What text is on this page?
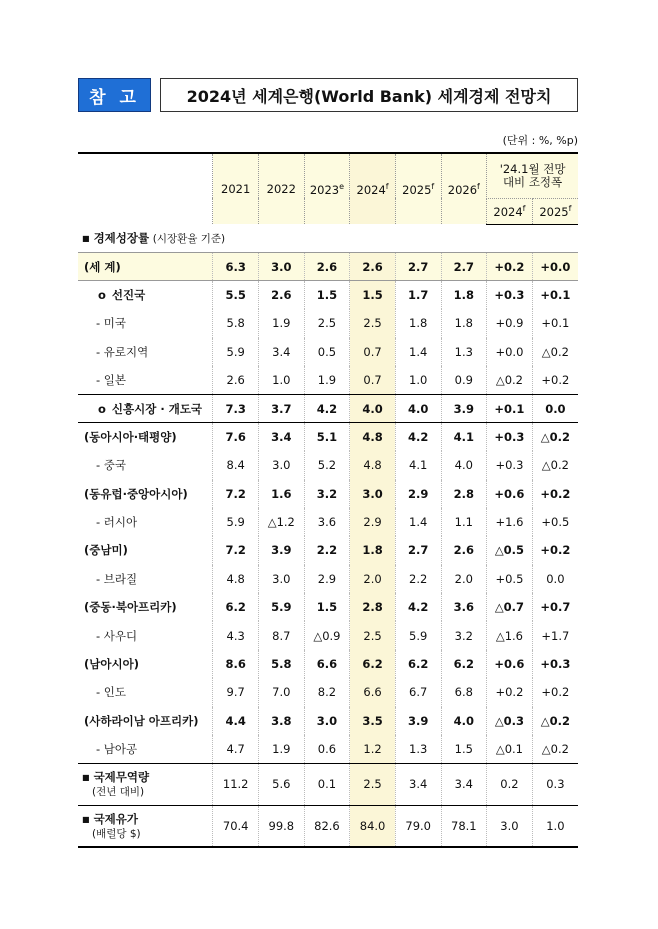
참 고	2024년 세계은행(World Bank) 세계경제 전망치
(단위 : %, %p)
	2021	2022	2023e	2024$^f$	2025$^f$	2026$^f$	'24.1월 전망
대비 조정폭	

							2024$^f$	2025$^f$
■ 경제성장률 (시장환율 기준)								
(세 계)	6.3	3.0	2.6	2.6	2.7	2.7	+0.2	+0.0
o 선진국	5.5	2.6	1.5	1.5	1.7	1.8	+0.3	+0.1
- 미국	5.8	1.9	2.5	2.5	1.8	1.8	+0.9	+0.1
- 유로지역	5.9	3.4	0.5	0.7	1.4	1.3	+0.0	△0.2
- 일본	2.6	1.0	1.9	0.7	1.0	0.9	△0.2	+0.2
o 신흥시장 · 개도국	7.3	3.7	4.2	4.0	4.0	3.9	+0.1	0.0
(동아시아·태평양)	7.6	3.4	5.1	4.8	4.2	4.1	+0.3	△0.2
- 중국	8.4	3.0	5.2	4.8	4.1	4.0	+0.3	△0.2
(동유럽·중앙아시아)	7.2	1.6	3.2	3.0	2.9	2.8	+0.6	+0.2
- 러시아	5.9	△1.2	3.6	2.9	1.4	1.1	+1.6	+0.5
(중남미)	7.2	3.9	2.2	1.8	2.7	2.6	△0.5	+0.2
- 브라질	4.8	3.0	2.9	2.0	2.2	2.0	+0.5	0.0
(중동·북아프리카)	6.2	5.9	1.5	2.8	4.2	3.6	△0.7	+0.7
- 사우디	4.3	8.7	△0.9	2.5	5.9	3.2	△1.6	+1.7
(남아시아)	8.6	5.8	6.6	6.2	6.2	6.2	+0.6	+0.3
- 인도	9.7	7.0	8.2	6.6	6.7	6.8	+0.2	+0.2
(사하라이남 아프리카)	4.4	3.8	3.0	3.5	3.9	4.0	△0.3	△0.2
- 남아공	4.7	1.9	0.6	1.2	1.3	1.5	△0.1	△0.2

■ 국제무역량
(전년 대비)	11.2	5.6	0.1	2.5	3.4	3.4	0.2	0.3

■ 국제유가
(배럴당 $)	70.4	99.8	82.6	84.0	79.0	78.1	3.0	1.0
